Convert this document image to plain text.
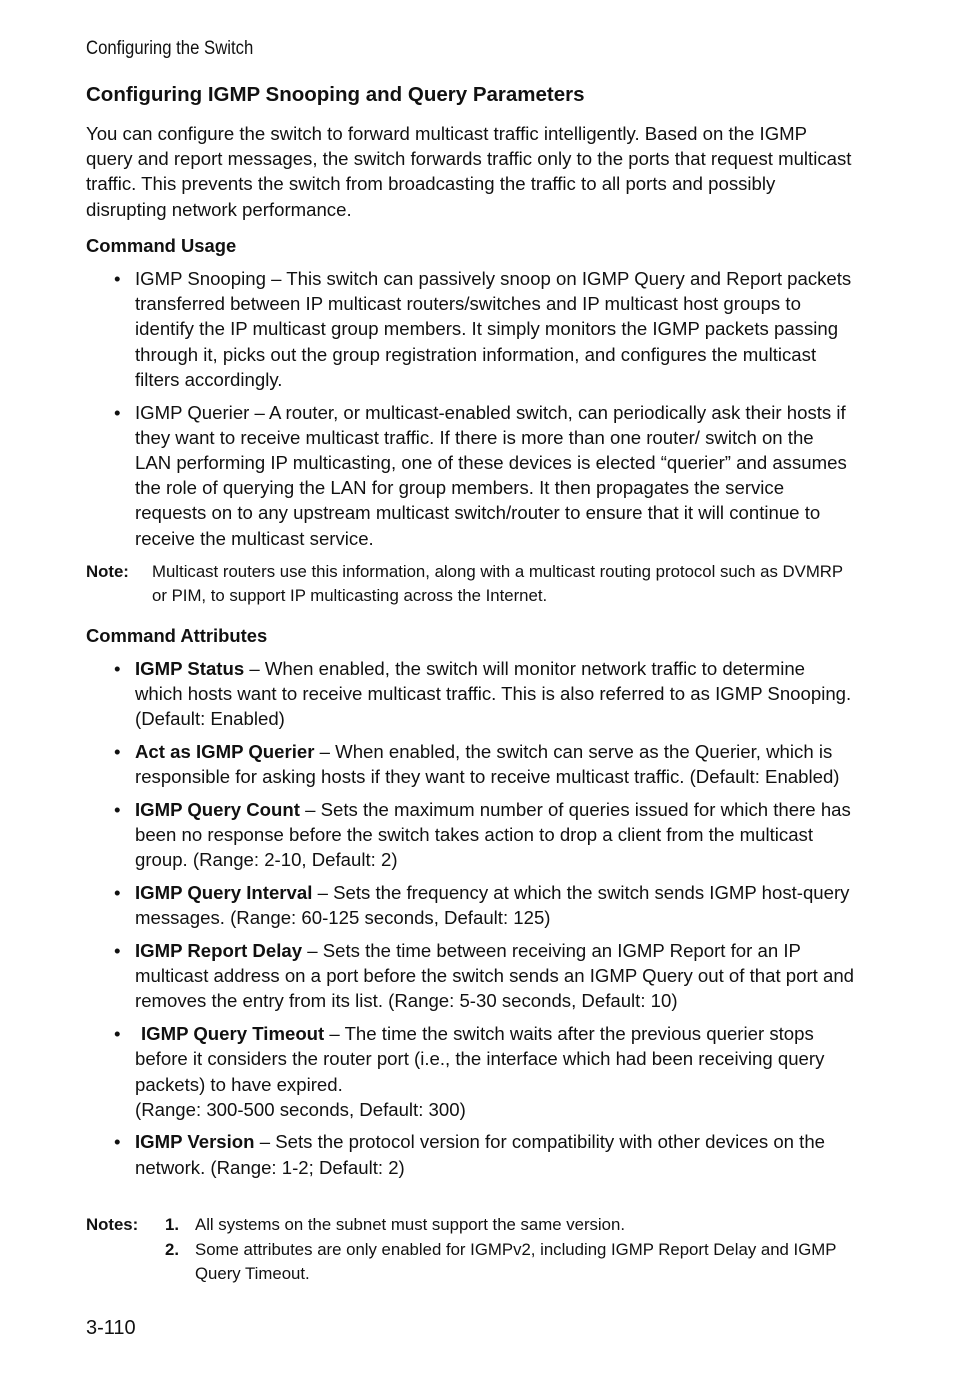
Configuring the Switch
Configuring IGMP Snooping and Query Parameters

You can configure the switch to forward multicast traffic intelligently. Based on the IGMP query and report messages, the switch forwards traffic only to the ports that request multicast traffic. This prevents the switch from broadcasting the traffic to all ports and possibly disrupting network performance.

Command Usage
• IGMP Snooping – This switch can passively snoop on IGMP Query and Report packets transferred between IP multicast routers/switches and IP multicast host groups to identify the IP multicast group members. It simply monitors the IGMP packets passing through it, picks out the group registration information, and configures the multicast filters accordingly.
• IGMP Querier – A router, or multicast-enabled switch, can periodically ask their hosts if they want to receive multicast traffic. If there is more than one router/ switch on the LAN performing IP multicasting, one of these devices is elected “querier” and assumes the role of querying the LAN for group members. It then propagates the service requests on to any upstream multicast switch/router to ensure that it will continue to receive the multicast service.
Note: Multicast routers use this information, along with a multicast routing protocol such as DVMRP or PIM, to support IP multicasting across the Internet.
Command Attributes
• IGMP Status – When enabled, the switch will monitor network traffic to determine which hosts want to receive multicast traffic. This is also referred to as IGMP Snooping. (Default: Enabled)
• Act as IGMP Querier – When enabled, the switch can serve as the Querier, which is responsible for asking hosts if they want to receive multicast traffic. (Default: Enabled)
• IGMP Query Count – Sets the maximum number of queries issued for which there has been no response before the switch takes action to drop a client from the multicast group. (Range: 2-10, Default: 2)
• IGMP Query Interval – Sets the frequency at which the switch sends IGMP host-query messages. (Range: 60-125 seconds, Default: 125)
• IGMP Report Delay – Sets the time between receiving an IGMP Report for an IP multicast address on a port before the switch sends an IGMP Query out of that port and removes the entry from its list. (Range: 5-30 seconds, Default: 10)
• IGMP Query Timeout – The time the switch waits after the previous querier stops before it considers the router port (i.e., the interface which had been receiving query packets) to have expired.
(Range: 300-500 seconds, Default: 300)
• IGMP Version – Sets the protocol version for compatibility with other devices on the network. (Range: 1-2; Default: 2)
Notes: 1. All systems on the subnet must support the same version.
2. Some attributes are only enabled for IGMPv2, including IGMP Report Delay and IGMP Query Timeout.
3-110
